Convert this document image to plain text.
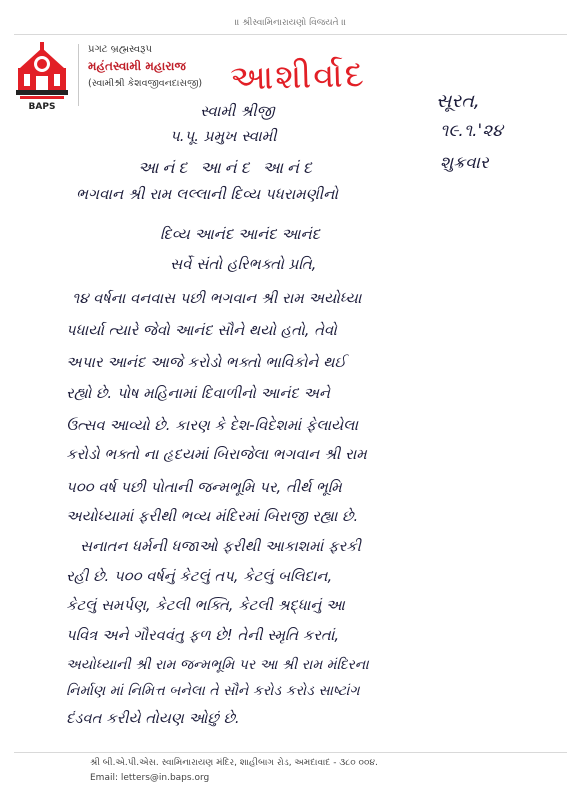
॥ શ્રીસ્વામિનારાયણો વિજયતે ॥
BAPS
પ્રગટ બ્રહ્મસ્વરૂપ
મહંતસ્વામી મહારાજ
(સ્વામીશ્રી કેશવજીવનદાસજી) આશીર્વાદ
સૂરત,
૧૯.૧.'૨૪
શુક્રવાર
સ્વામી શ્રીજી
પ.પૂ. પ્રમુખ સ્વામી
આનંદ આનંદ આનંદ
ભગવાન શ્રી રામ લલ્લાની દિવ્ય પધરામણીનો
દિવ્ય આનંદ આનંદ આનંદ
સર્વે સંતો હરિભક્તો પ્રતિ,
૧૪ વર્ષના વનવાસ પછી ભગવાન શ્રી રામ અયોધ્યા
પધાર્યા ત્યારે જેવો આનંદ સૌને થયો હતો, તેવો
અપાર આનંદ આજે કરોડો ભક્તો ભાવિકોને થઈ
રહ્યો છે. પોષ મહિનામાં દિવાળીનો આનંદ અને
ઉત્સવ આવ્યો છે. કારણ કે દેશ-વિદેશમાં ફેલાયેલા
કરોડો ભક્તો ના હૃદયમાં બિરાજેલા ભગવાન શ્રી રામ
૫૦૦ વર્ષ પછી પોતાની જન્મભૂમિ પર, તીર્થ ભૂમિ
અયોધ્યામાં ફરીથી ભવ્ય મંદિરમાં બિરાજી રહ્યા છે.
સનાતન ધર્મની ધજાઓ ફરીથી આકાશમાં ફરકી
રહી છે. ૫૦૦ વર્ષનું કેટલું તપ, કેટલું બલિદાન,
કેટલું સમર્પણ, કેટલી ભક્તિ, કેટલી શ્રદ્ધાનું આ
પવિત્ર અને ગૌરવવંતુ ફળ છે! તેની સ્મૃતિ કરતાં,
અયોધ્યાની શ્રી રામ જન્મભૂમિ પર આ શ્રી રામ મંદિરના
નિર્માણ માં નિમિત્ત બનેલા તે સૌને કરોડ કરોડ સાષ્ટાંગ
દંડવત કરીયે તોયણ ઓછું છે.
શ્રી બી.એ.પી.એસ. સ્વામિનારાયણ મંદિર, શાહીબાગ રોડ, અમદાવાદ - ૩૮૦ ૦૦૪.
Email: letters@in.baps.org
